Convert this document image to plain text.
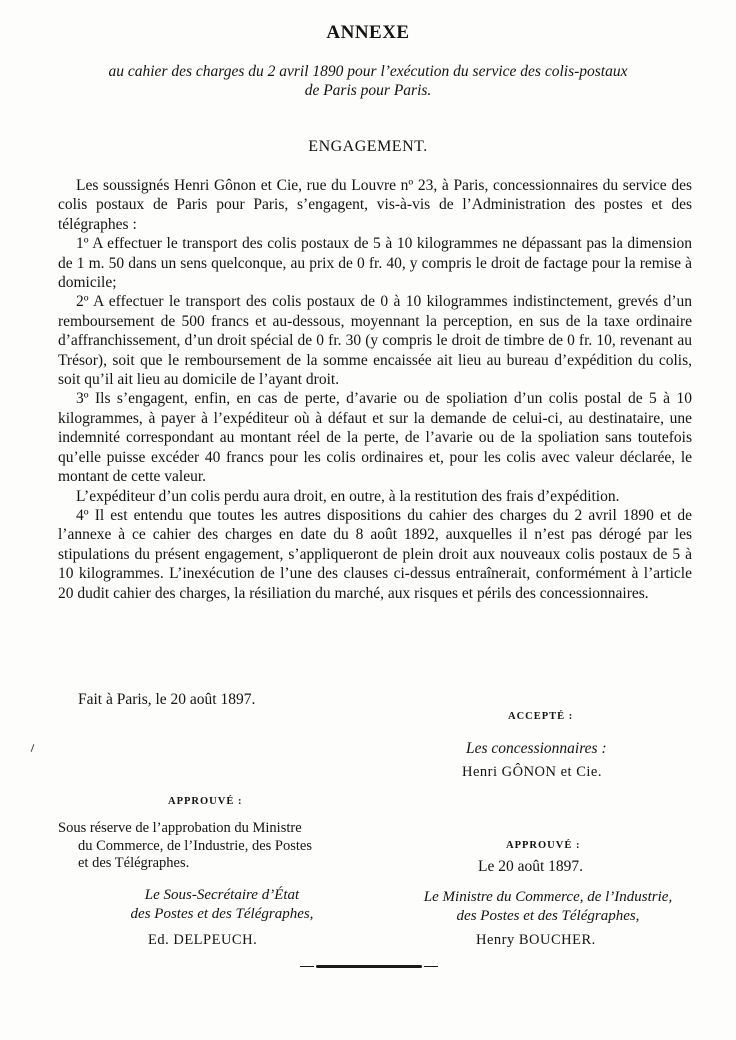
ANNEXE
au cahier des charges du 2 avril 1890 pour l’exécution du service des colis-postaux
de Paris pour Paris.
ENGAGEMENT.

Les soussignés Henri Gônon et Cie, rue du Louvre nº 23, à Paris, concessionnaires du service des colis postaux de Paris pour Paris, s’engagent, vis-à-vis de l’Administration des postes et des télégraphes :

1º A effectuer le transport des colis postaux de 5 à 10 kilogrammes ne dépassant pas la dimension de 1 m. 50 dans un sens quelconque, au prix de 0 fr. 40, y compris le droit de factage pour la remise à domicile;

2º A effectuer le transport des colis postaux de 0 à 10 kilogrammes indistinctement, grevés d’un remboursement de 500 francs et au-dessous, moyennant la perception, en sus de la taxe ordinaire d’affranchissement, d’un droit spécial de 0 fr. 30 (y compris le droit de timbre de 0 fr. 10, revenant au Trésor), soit que le remboursement de la somme encaissée ait lieu au bureau d’expédition du colis, soit qu’il ait lieu au domicile de l’ayant droit.

3º Ils s’engagent, enfin, en cas de perte, d’avarie ou de spoliation d’un colis postal de 5 à 10 kilogrammes, à payer à l’expéditeur où à défaut et sur la demande de celui-ci, au destinataire, une indemnité correspondant au montant réel de la perte, de l’avarie ou de la spoliation sans toutefois qu’elle puisse excéder 40 francs pour les colis ordinaires et, pour les colis avec valeur déclarée, le montant de cette valeur.

L’expéditeur d’un colis perdu aura droit, en outre, à la restitution des frais d’expédition.

4º Il est entendu que toutes les autres dispositions du cahier des charges du 2 avril 1890 et de l’annexe à ce cahier des charges en date du 8 août 1892, auxquelles il n’est pas dérogé par les stipulations du présent engagement, s’appliqueront de plein droit aux nouveaux colis postaux de 5 à 10 kilogrammes. L’inexécution de l’une des clauses ci-dessus entraînerait, conformément à l’article 20 dudit cahier des charges, la résiliation du marché, aux risques et périls des concessionnaires.

Fait à Paris, le 20 août 1897.
ACCEPTÉ :
Les concessionnaires :
Henri GÔNON et Cie.
APPROUVÉ :
Sous réserve de l’approbation du Ministre
du Commerce, de l’Industrie, des Postes
et des Télégraphes.
Le Sous-Secrétaire d’État
des Postes et des Télégraphes,
Ed. DELPEUCH.
APPROUVÉ :
Le 20 août 1897.
Le Ministre du Commerce, de l’Industrie,
des Postes et des Télégraphes,
Henry BOUCHER.
